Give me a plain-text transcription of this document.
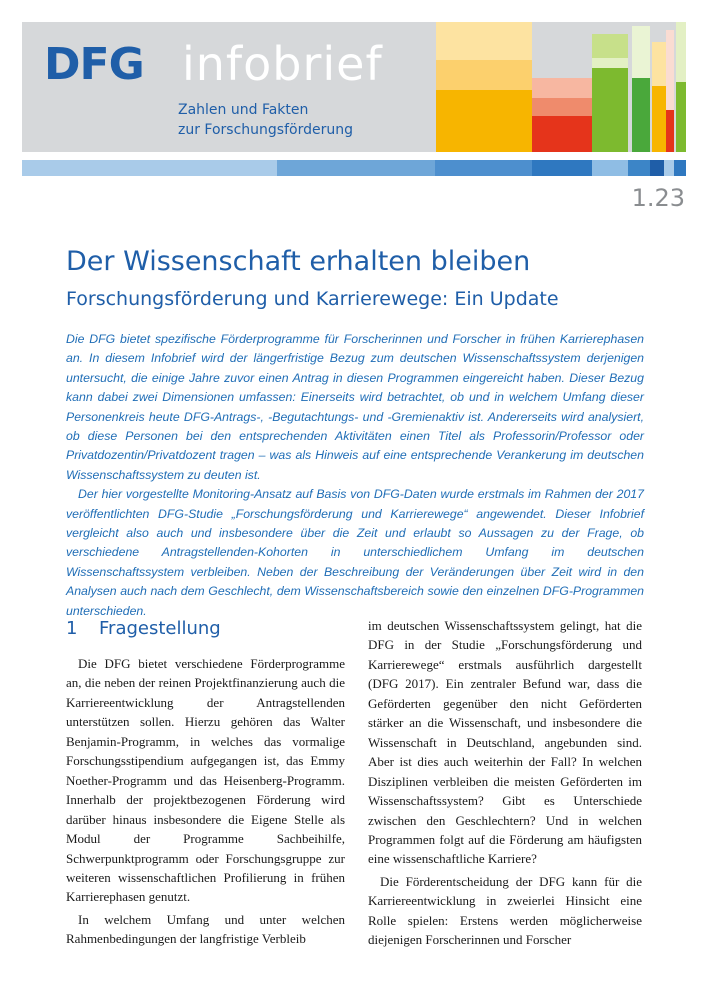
DFG infobrief
Zahlen und Fakten
zur Forschungsförderung
1.23
Der Wissenschaft erhalten bleiben
Forschungsförderung und Karrierewege: Ein Update

Die DFG bietet spezifische Förderprogramme für Forscherinnen und Forscher in frühen Karrierephasen an. In diesem Infobrief wird der längerfristige Bezug zum deutschen Wissenschaftssystem derjenigen untersucht, die einige Jahre zuvor einen Antrag in diesen Programmen eingereicht haben. Dieser Bezug kann dabei zwei Dimensionen umfassen: Einerseits wird betrachtet, ob und in welchem Umfang dieser Personenkreis heute DFG-Antrags-, -Begutachtungs- und -Gremienaktiv ist. Andererseits wird analysiert, ob diese Personen bei den entsprechenden Aktivitäten einen Titel als Professorin/Professor oder Privatdozentin/Privatdozent tragen – was als Hinweis auf eine entsprechende Verankerung im deutschen Wissenschaftssystem zu deuten ist.

Der hier vorgestellte Monitoring-Ansatz auf Basis von DFG-Daten wurde erstmals im Rahmen der 2017 veröffentlichten DFG-Studie „Forschungsförderung und Karrierewege“ angewendet. Dieser Infobrief vergleicht also auch und insbesondere über die Zeit und erlaubt so Aussagen zu der Frage, ob verschiedene Antragstellenden-Kohorten in unterschiedlichem Umfang im deutschen Wissenschaftssystem verbleiben. Neben der Beschreibung der Veränderungen über Zeit wird in den Analysen auch nach dem Geschlecht, dem Wissenschaftsbereich sowie den einzelnen DFG-Programmen unterschieden.

1 Fragestellung

Die DFG bietet verschiedene Förderprogramme an, die neben der reinen Projektfinanzierung auch die Karriereentwicklung der Antragstellenden unterstützen sollen. Hierzu gehören das Walter Benjamin-Programm, in welches das vormalige Forschungsstipendium aufgegangen ist, das Emmy Noether-Programm und das Heisenberg-Programm. Innerhalb der projektbezogenen Förderung wird darüber hinaus insbesondere die Eigene Stelle als Modul der Programme Sachbeihilfe, Schwerpunktprogramm oder Forschungsgruppe zur weiteren wissenschaftlichen Profilierung in frühen Karrierephasen genutzt.

In welchem Umfang und unter welchen Rahmenbedingungen der langfristige Verbleib

im deutschen Wissenschaftssystem gelingt, hat die DFG in der Studie „Forschungsförderung und Karrierewege“ erstmals ausführlich dargestellt (DFG 2017). Ein zentraler Befund war, dass die Geförderten gegenüber den nicht Geförderten stärker an die Wissenschaft, und insbesondere die Wissenschaft in Deutschland, angebunden sind. Aber ist dies auch weiterhin der Fall? In welchen Disziplinen verbleiben die meisten Geförderten im Wissenschaftssystem? Gibt es Unterschiede zwischen den Geschlechtern? Und in welchen Programmen folgt auf die Förderung am häufigsten eine wissenschaftliche Karriere?

Die Förderentscheidung der DFG kann für die Karriereentwicklung in zweierlei Hinsicht eine Rolle spielen: Erstens werden möglicherweise diejenigen Forscherinnen und Forscher
